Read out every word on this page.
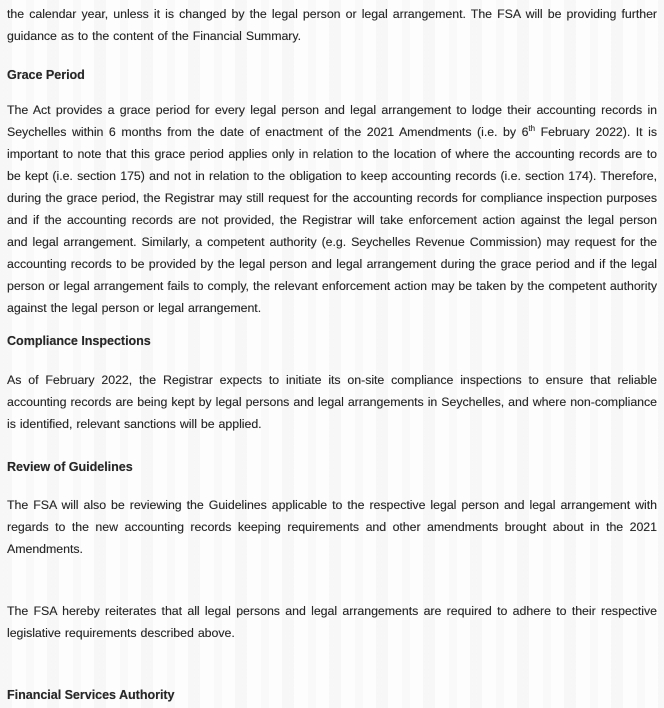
the calendar year, unless it is changed by the legal person or legal arrangement. The FSA will be providing further guidance as to the content of the Financial Summary.

Grace Period

The Act provides a grace period for every legal person and legal arrangement to lodge their accounting records in Seychelles within 6 months from the date of enactment of the 2021 Amendments (i.e. by 6th February 2022). It is important to note that this grace period applies only in relation to the location of where the accounting records are to be kept (i.e. section 175) and not in relation to the obligation to keep accounting records (i.e. section 174). Therefore, during the grace period, the Registrar may still request for the accounting records for compliance inspection purposes and if the accounting records are not provided, the Registrar will take enforcement action against the legal person and legal arrangement. Similarly, a competent authority (e.g. Seychelles Revenue Commission) may request for the accounting records to be provided by the legal person and legal arrangement during the grace period and if the legal person or legal arrangement fails to comply, the relevant enforcement action may be taken by the competent authority against the legal person or legal arrangement.

Compliance Inspections

As of February 2022, the Registrar expects to initiate its on-site compliance inspections to ensure that reliable accounting records are being kept by legal persons and legal arrangements in Seychelles, and where non-compliance is identified, relevant sanctions will be applied.

Review of Guidelines

The FSA will also be reviewing the Guidelines applicable to the respective legal person and legal arrangement with regards to the new accounting records keeping requirements and other amendments brought about in the 2021 Amendments.

The FSA hereby reiterates that all legal persons and legal arrangements are required to adhere to their respective legislative requirements described above.

Financial Services Authority
